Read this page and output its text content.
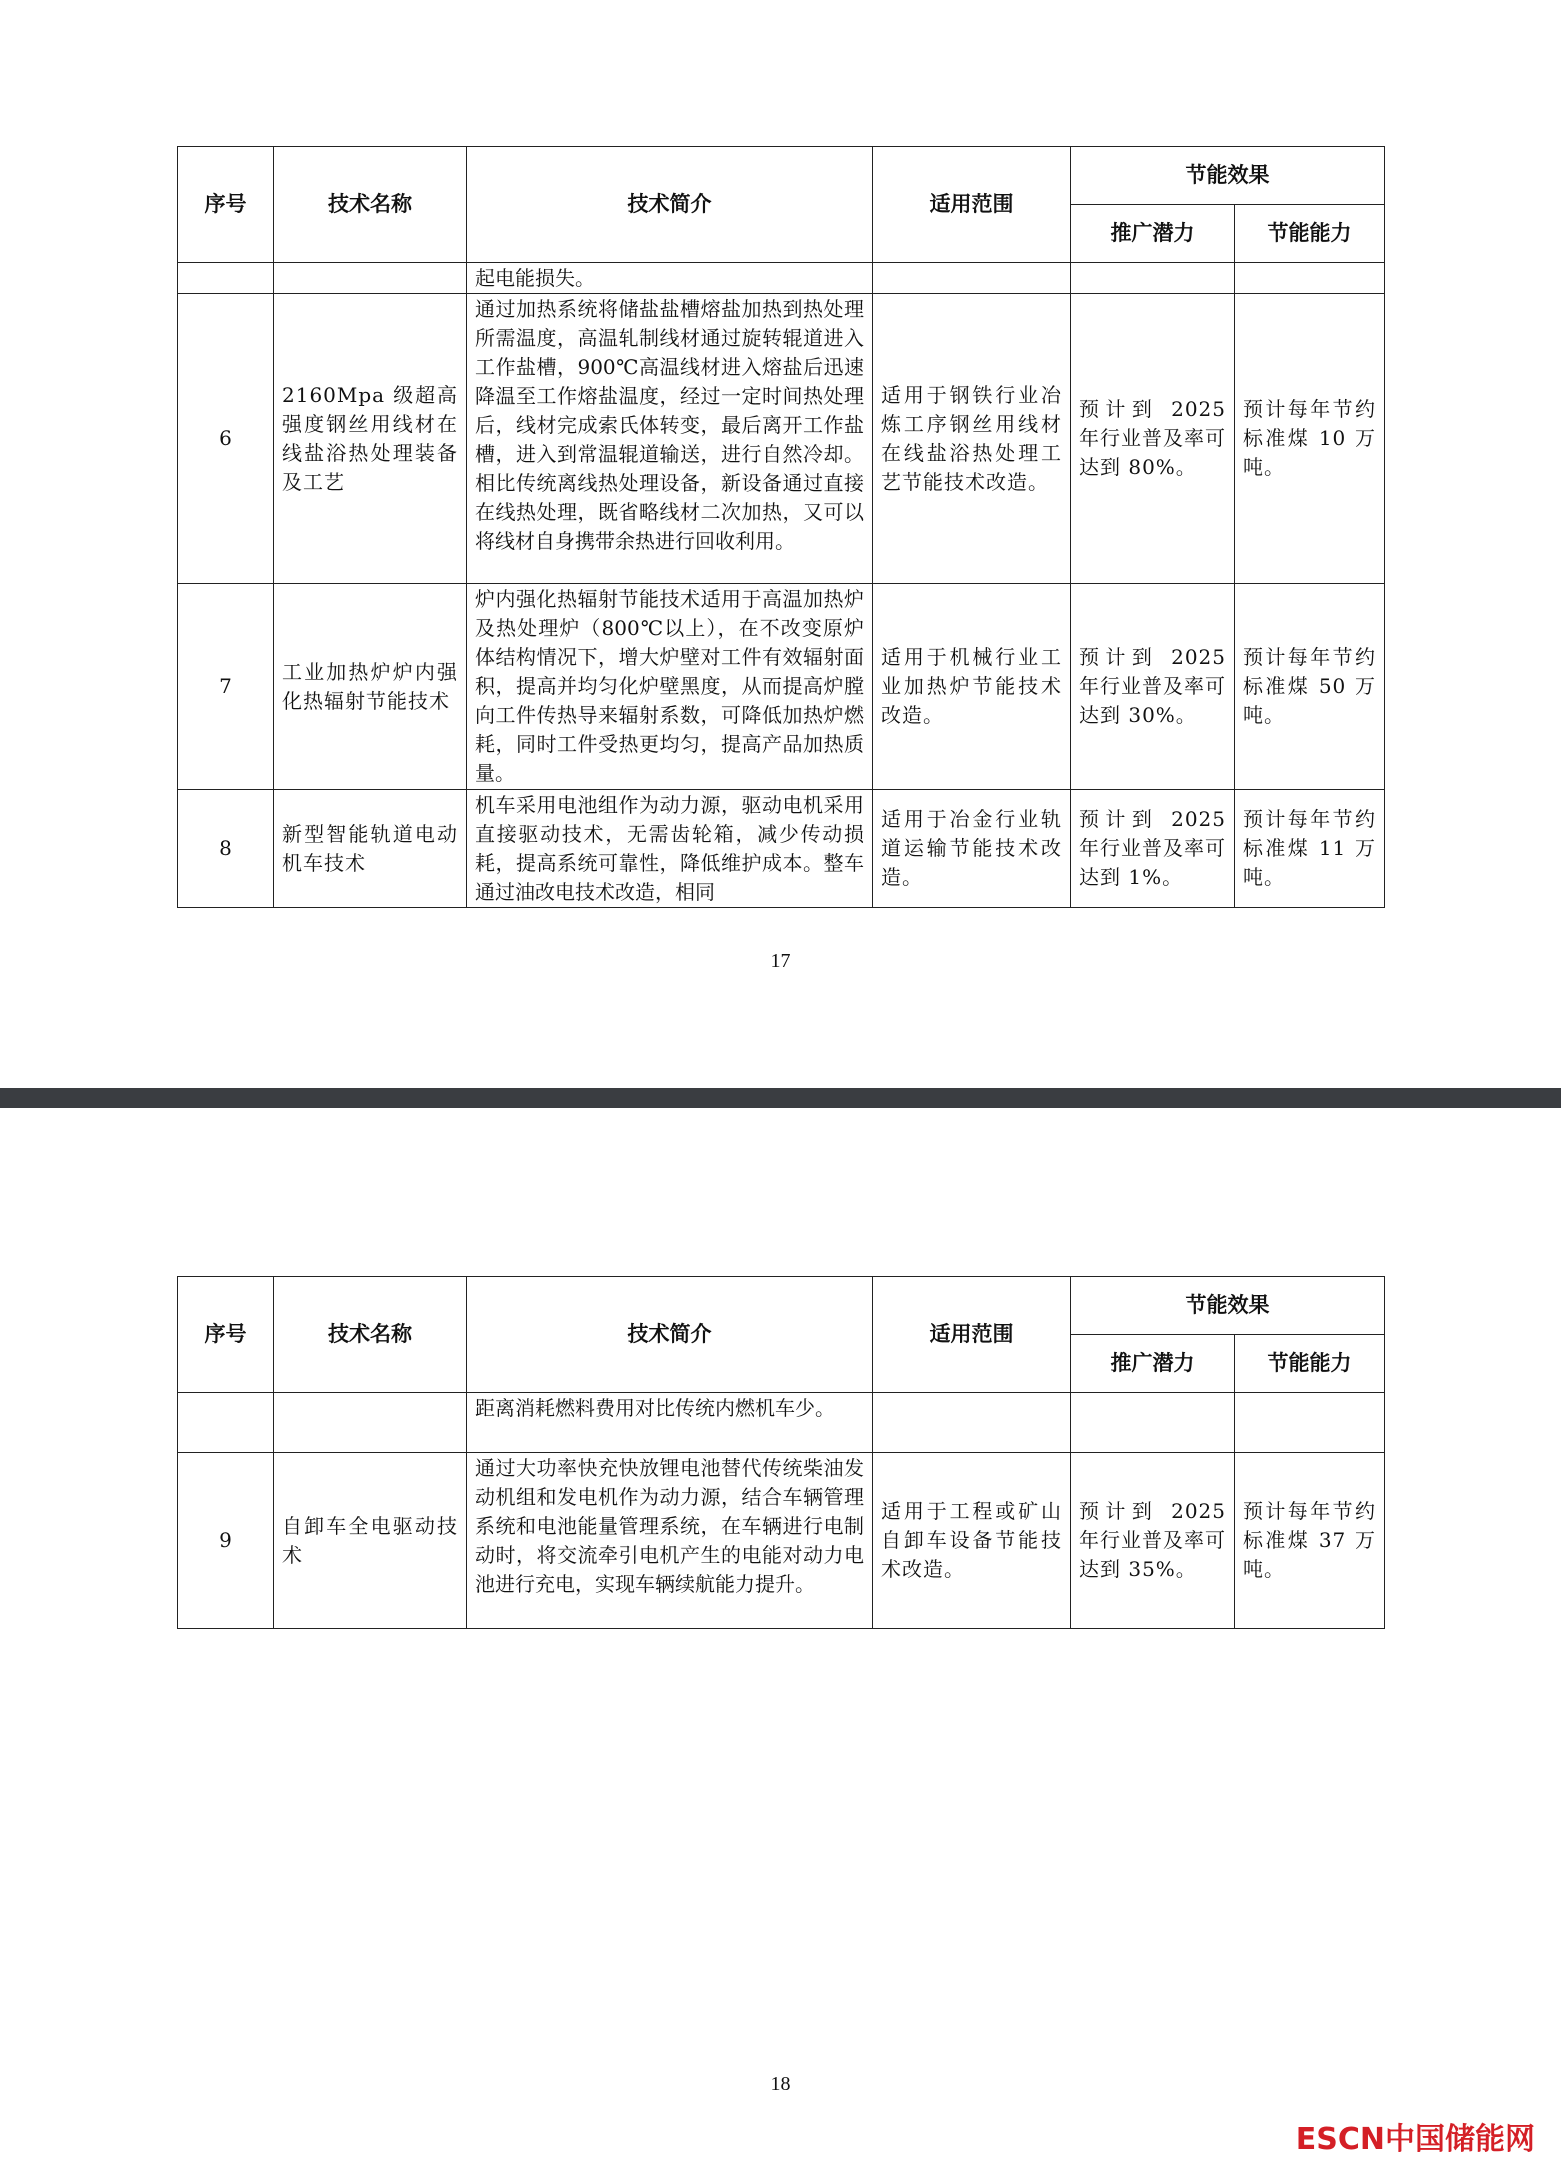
序号	技术名称	技术简介	适用范围	节能效果	
				推广潜力	节能能力
		起电能损失。			
6	2160Mpa 级超高强度钢丝用线材在线盐浴热处理装备及工艺	通过加热系统将储盐盐槽熔盐加热到热处理所需温度，高温轧制线材通过旋转辊道进入工作盐槽，900℃高温线材进入熔盐后迅速降温至工作熔盐温度，经过一定时间热处理后，线材完成索氏体转变，最后离开工作盐槽，进入到常温辊道输送，进行自然冷却。相比传统离线热处理设备，新设备通过直接在线热处理，既省略线材二次加热，又可以将线材自身携带余热进行回收利用。	适用于钢铁行业冶炼工序钢丝用线材在线盐浴热处理工艺节能技术改造。	预计到 2025 年行业普及率可达到 80%。	预计每年节约标准煤 10 万吨。
7	工业加热炉炉内强化热辐射节能技术	炉内强化热辐射节能技术适用于高温加热炉及热处理炉（800℃以上），在不改变原炉体结构情况下，增大炉壁对工件有效辐射面积，提高并均匀化炉壁黑度，从而提高炉膛向工件传热导来辐射系数，可降低加热炉燃耗，同时工件受热更均匀，提高产品加热质量。	适用于机械行业工业加热炉节能技术改造。	预计到 2025 年行业普及率可达到 30%。	预计每年节约标准煤 50 万吨。
8	新型智能轨道电动机车技术	机车采用电池组作为动力源，驱动电机采用直接驱动技术，无需齿轮箱，减少传动损耗，提高系统可靠性，降低维护成本。整车通过油改电技术改造，相同	适用于冶金行业轨道运输节能技术改造。	预计到 2025 年行业普及率可达到 1%。	预计每年节约标准煤 11 万吨。
17
序号	技术名称	技术简介	适用范围	节能效果	
				推广潜力	节能能力
		距离消耗燃料费用对比传统内燃机车少。			
9	自卸车全电驱动技术	通过大功率快充快放锂电池替代传统柴油发动机组和发电机作为动力源，结合车辆管理系统和电池能量管理系统，在车辆进行电制动时，将交流牵引电机产生的电能对动力电池进行充电，实现车辆续航能力提升。	适用于工程或矿山自卸车设备节能技术改造。	预计到 2025 年行业普及率可达到 35%。	预计每年节约标准煤 37 万吨。
18
ESCN中国储能网
